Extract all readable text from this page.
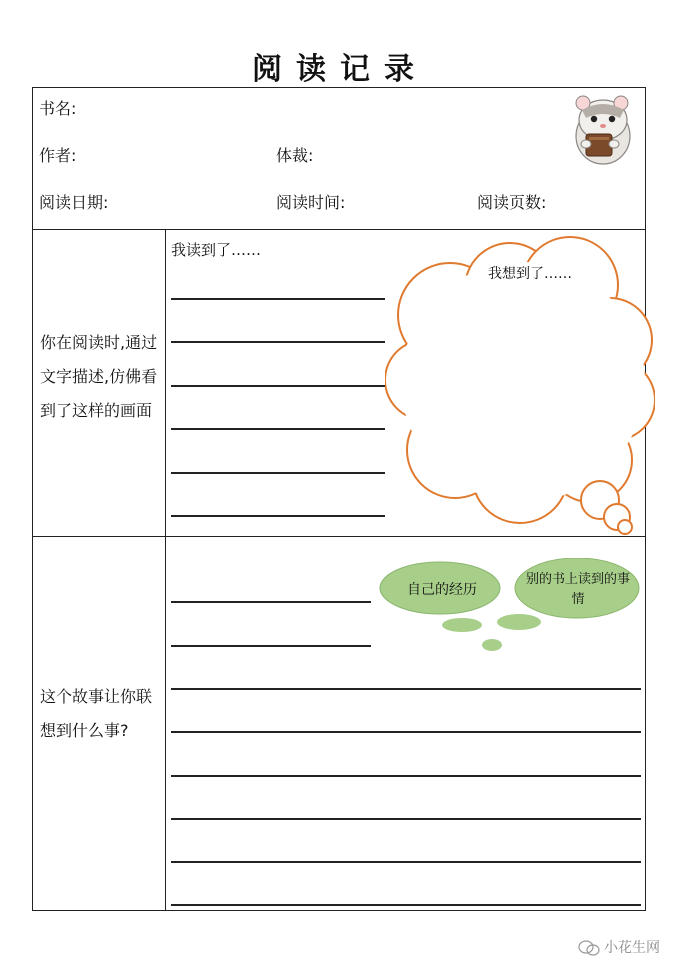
阅读记录
书名:
作者:	体裁:
阅读日期:	阅读时间:	阅读页数:
你在阅读时,通过文字描述,仿佛看到了这样的画面
我读到了……
我想到了……
这个故事让你联想到什么事?
自己的经历
别的书上读到的事情
小花生网
